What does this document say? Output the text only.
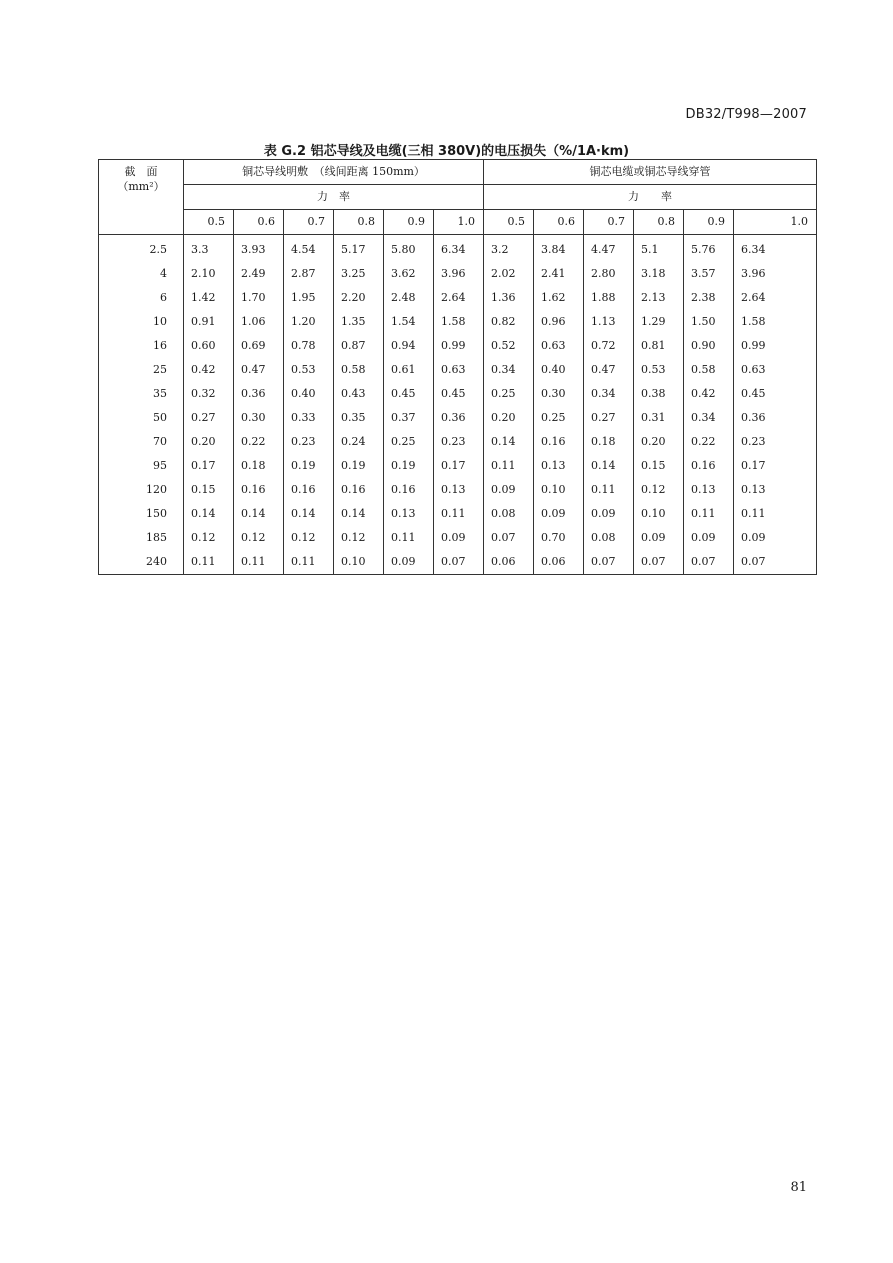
DB32/T998—2007
表 G.2 铝芯导线及电缆(三相 380V)的电压损失（%/1A·km)
截　面
（mm²）	铜芯导线明敷　（线间距离 150mm）						铜芯电缆或铜芯导线穿管					
	力　率						力　　率					
	0.5	0.6	0.7	0.8	0.9	1.0	0.5	0.6	0.7	0.8	0.9	1.0
2.5	3.3	3.93	4.54	5.17	5.80	6.34	3.2	3.84	4.47	5.1	5.76	6.34
4	2.10	2.49	2.87	3.25	3.62	3.96	2.02	2.41	2.80	3.18	3.57	3.96
6	1.42	1.70	1.95	2.20	2.48	2.64	1.36	1.62	1.88	2.13	2.38	2.64
10	0.91	1.06	1.20	1.35	1.54	1.58	0.82	0.96	1.13	1.29	1.50	1.58
16	0.60	0.69	0.78	0.87	0.94	0.99	0.52	0.63	0.72	0.81	0.90	0.99
25	0.42	0.47	0.53	0.58	0.61	0.63	0.34	0.40	0.47	0.53	0.58	0.63
35	0.32	0.36	0.40	0.43	0.45	0.45	0.25	0.30	0.34	0.38	0.42	0.45
50	0.27	0.30	0.33	0.35	0.37	0.36	0.20	0.25	0.27	0.31	0.34	0.36
70	0.20	0.22	0.23	0.24	0.25	0.23	0.14	0.16	0.18	0.20	0.22	0.23
95	0.17	0.18	0.19	0.19	0.19	0.17	0.11	0.13	0.14	0.15	0.16	0.17
120	0.15	0.16	0.16	0.16	0.16	0.13	0.09	0.10	0.11	0.12	0.13	0.13
150	0.14	0.14	0.14	0.14	0.13	0.11	0.08	0.09	0.09	0.10	0.11	0.11
185	0.12	0.12	0.12	0.12	0.11	0.09	0.07	0.70	0.08	0.09	0.09	0.09
240	0.11	0.11	0.11	0.10	0.09	0.07	0.06	0.06	0.07	0.07	0.07	0.07
81
